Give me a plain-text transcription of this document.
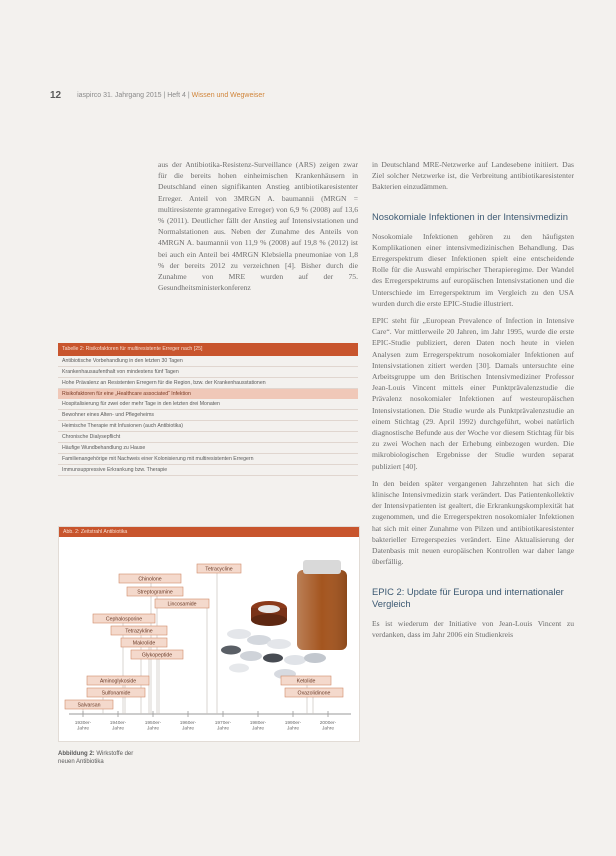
12 iaspirco 31. Jahrgang 2015 | Heft 4 | Wissen und Wegweiser

aus der Antibiotika-Resistenz-Surveillance (ARS) zeigen zwar für die bereits hohen einheimischen Krankenhäusern in Deutschland einen signifikanten Anstieg antibiotikaresistenter Erreger. Anteil von 3MRGN A. baumannii (MRGN = multiresistente gramnegative Erreger) von 6,9 % (2008) auf 13,6 % (2011). Deutlicher fällt der Anstieg auf Intensivstationen und Normalstationen aus. Neben der Zunahme des Anteils von 4MRGN A. baumannii von 11,9 % (2008) auf 19,8 % (2012) ist bei auch ein Anteil bei 4MRGN Klebsiella pneumoniae von 1,8 % der bereits 2012 zu verzeichnen [4]. Bisher durch die Zunahme von MRE wurden auf der 75. Gesundheitsministerkonferenz

Tabelle 2: Risikofaktoren für multiresistente Erreger nach [25]
Antibiotische Vorbehandlung in den letzten 30 Tagen
Krankenhausaufenthalt von mindestens fünf Tagen
Hohe Prävalenz an Resistenten Erregern für die Region, bzw. der Krankenhausstationen
Risikofaktoren für eine „Healthcare associated“ Infektion
Hospitalisierung für zwei oder mehr Tage in den letzten drei Monaten
Bewohner eines Alten- und Pflegeheims
Heimische Therapie mit Infusionen (auch Antibiotika)
Chronische Dialysepflicht
Häufige Wundbehandlung zu Hause
Familienangehörige mit Nachweis einer Kolonisierung mit multiresistenten Erregern
Immunsuppressive Erkrankung bzw. Therapie
Abb. 2: Zeitstrahl Antibiotika
Tetracycline
Chinolone
Streptogramine
Lincosamide
Cephalosporine
Tetrazykline
Makrolide
Glykopeptide
Aminoglykoside
Sulfonamide
Salvarsan
Ketolide
Oxazolidinone
1930er-Jahre
1940er-Jahre
1950er-Jahre
1960er-Jahre
1970er-Jahre
1980er-Jahre
1990er-Jahre
2000er-Jahre
Abbildung 2: Wirkstoffe der neuen Antibiotika

in Deutschland MRE-Netzwerke auf Landesebene initiiert. Das Ziel solcher Netzwerke ist, die Verbreitung antibiotikaresistenter Bakterien einzudämmen.

Nosokomiale Infektionen in der Intensivmedizin

Nosokomiale Infektionen gehören zu den häufigsten Komplikationen einer intensivmedizinischen Behandlung. Das Erregerspektrum dieser Infektionen spielt eine entscheidende Rolle für die Auswahl empirischer Therapieregime. Der Wandel des Erregerspektrums auf europäischen Intensivstationen und die Unterschiede im Erregerspektrum im Vergleich zu den USA wurden durch die erste EPIC-Studie illustriert.

EPIC steht für „European Prevalence of Infection in Intensive Care“. Vor mittlerweile 20 Jahren, im Jahr 1995, wurde die erste EPIC-Studie publiziert, deren Daten noch heute in vielen Analysen zum Erregerspektrum nosokomialer Infektionen auf Intensivstationen zitiert werden [30]. Damals untersuchte eine Arbeitsgruppe um den Britischen Intensivmediziner Professor Jean-Louis Vincent mittels einer Punktprävalenzstudie die Prävalenz nosokomialer Infektionen auf westeuropäischen Intensivstationen. Die Studie wurde als Punktprävalenzstudie an einem Stichtag (29. April 1992) durchgeführt, wobei natürlich diagnostische Befunde aus der Woche vor diesem Stichtag für bis zu zwei Wochen nach der Erhebung einbezogen wurden. Die mikrobiologischen Ergebnisse der Studie wurden separat publiziert [40].

In den beiden später vergangenen Jahrzehnten hat sich die klinische Intensivmedizin stark verändert. Das Patientenkollektiv der Intensivpatienten ist gealtert, die Erkrankungskomplexität hat zugenommen, und die Erregerspektren nosokomialer Infektionen hat sich mit einer Zunahme von Pilzen und antibiotikaresistenter bakterieller Erregerspezies verändert. Eine Aktualisierung der Datenbasis mit neuen europäischen Kontrollen war daher lange überfällig.

EPIC 2: Update für Europa und internationaler Vergleich

Es ist wiederum der Initiative von Jean-Louis Vincent zu verdanken, dass im Jahr 2006 ein Studienkreis
